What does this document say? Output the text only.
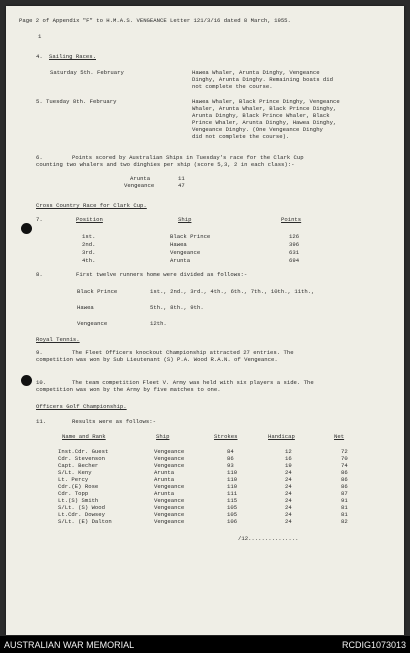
Page 2 of Appendix "F" to H.M.A.S. VENGEANCE Letter 121/3/16 dated 8 March, 1955.
1
4. Sailing Races.
Saturday 5th. February	Hawea Whaler, Arunta Dinghy, Vengeance
Dinghy, Arunta Dinghy. Remaining boats did
not complete the course.
5. Tuesday 8th. February	Hawea Whaler, Black Prince Dinghy, Vengeance
Whaler, Arunta Whaler, Black Prince Dinghy,
Arunta Dinghy, Black Prince Whaler, Black
Prince Whaler, Arunta Dinghy, Hawea Dinghy,
Vengeance Dinghy. (One Vengeance Dinghy
did not complete the course).
6.	Points scored by Australian Ships in Tuesday's race for the Clark Cup
counting two whalers and two dinghies per ship (score 5,3, 2 in each class):-
Arunta	11
Vengeance	47
Cross Country Race for Clark Cup.
7.	Position	Ship	Points
1st.	Black Prince	126
2nd.	Hawea	396
3rd.	Vengeance	631
4th.	Arunta	694
8.	First twelve runners home were divided as follows:-
Black Prince	1st., 2nd., 3rd., 4th., 6th., 7th., 10th., 11th.,
Hawea	5th., 8th., 9th.
Vengeance	12th.
Royal Tennis.
9.	The Fleet Officers knockout Championship attracted 27 entries. The
competition was won by Sub Lieutenant (S) P.A. Wood R.A.N. of Vengeance.
10.	The team competition Fleet V. Army was held with six players a side. The
competition was won by the Army by five matches to one.
Officers Golf Championship.
11.	Results were as follows:-
Name and Rank	Ship	Strokes	Handicap	Net
Inst.Cdr. Guest	Vengeance	84	12	72
Cdr. Stevenson	Vengeance	86	16	70
Capt. Becher	Vengeance	93	19	74
S/Lt. Keny	Arunta	110	24	86
Lt. Percy	Arunta	110	24	86
Cdr.(E) Rose	Vengeance	110	24	86
Cdr. Topp	Arunta	111	24	87
Lt.(S) Smith	Vengeance	115	24	91
S/Lt. (S) Wood	Vengeance	105	24	81
Lt.Cdr. Dowsey	Vengeance	105	24	81
S/Lt. (E) Dalton	Vengeance	106	24	82
/12...............
AUSTRALIAN WAR MEMORIAL	RCDIG1073013
